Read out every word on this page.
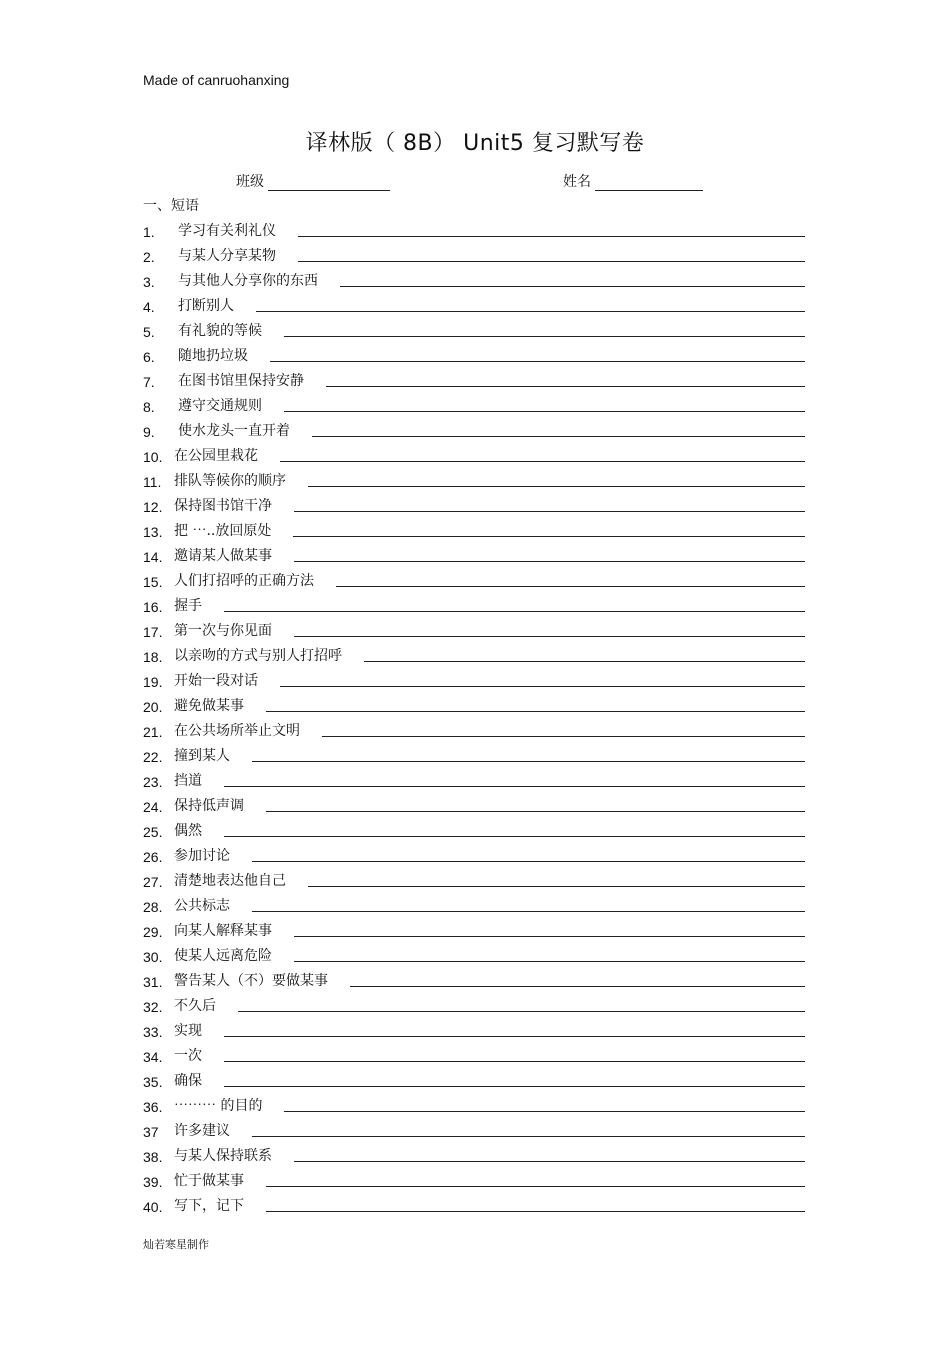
Made of canruohanxing
译林版（ 8B） Unit5 复习默写卷
班级	姓名
一、短语
1.	学习有关利礼仪
2.	与某人分享某物
3.	与其他人分享你的东西
4.	打断别人
5.	有礼貌的等候
6.	随地扔垃圾
7.	在图书馆里保持安静
8.	遵守交通规则
9.	使水龙头一直开着
10. 在公园里栽花
11. 排队等候你的顺序
12. 保持图书馆干净
13. 把 ⋯..放回原处
14. 邀请某人做某事
15. 人们打招呼的正确方法
16. 握手
17. 第一次与你见面
18. 以亲吻的方式与别人打招呼
19. 开始一段对话
20. 避免做某事
21. 在公共场所举止文明
22. 撞到某人
23. 挡道
24. 保持低声调
25. 偶然
26. 参加讨论
27. 清楚地表达他自己
28. 公共标志
29. 向某人解释某事
30. 使某人远离危险
31. 警告某人（不）要做某事
32. 不久后
33. 实现
34. 一次
35. 确保
36. ⋯⋯⋯ 的目的
37	许多建议
38. 与某人保持联系
39. 忙于做某事
40. 写下，记下
灿若寒星制作
